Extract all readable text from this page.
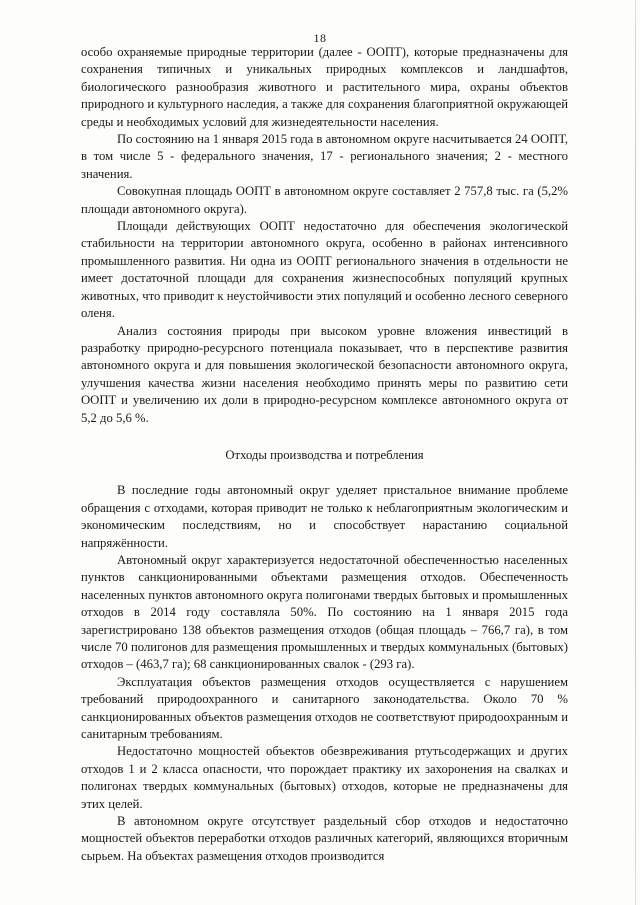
18

особо охраняемые природные территории (далее - ООПТ), которые предназначены для сохранения типичных и уникальных природных комплексов и ландшафтов, биологического разнообразия животного и растительного мира, охраны объектов природного и культурного наследия, а также для сохранения благоприятной окружающей среды и необходимых условий для жизнедеятельности населения.

По состоянию на 1 января 2015 года в автономном округе насчитывается 24 ООПТ, в том числе 5 - федерального значения, 17 - регионального значения; 2 - местного значения.

Совокупная площадь ООПТ в автономном округе составляет 2 757,8 тыс. га (5,2% площади автономного округа).

Площади действующих ООПТ недостаточно для обеспечения экологической стабильности на территории автономного округа, особенно в районах интенсивного промышленного развития. Ни одна из ООПТ регионального значения в отдельности не имеет достаточной площади для сохранения жизнеспособных популяций крупных животных, что приводит к неустойчивости этих популяций и особенно лесного северного оленя.

Анализ состояния природы при высоком уровне вложения инвестиций в разработку природно-ресурсного потенциала показывает, что в перспективе развития автономного округа и для повышения экологической безопасности автономного округа, улучшения качества жизни населения необходимо принять меры по развитию сети ООПТ и увеличению их доли в природно-ресурсном комплексе автономного округа от 5,2 до 5,6 %.

Отходы производства и потребления

В последние годы автономный округ уделяет пристальное внимание проблеме обращения с отходами, которая приводит не только к неблагоприятным экологическим и экономическим последствиям, но и способствует нарастанию социальной напряжённости.

Автономный округ характеризуется недостаточной обеспеченностью населенных пунктов санкционированными объектами размещения отходов. Обеспеченность населенных пунктов автономного округа полигонами твердых бытовых и промышленных отходов в 2014 году составляла 50%. По состоянию на 1 января 2015 года зарегистрировано 138 объектов размещения отходов (общая площадь – 766,7 га), в том числе 70 полигонов для размещения промышленных и твердых коммунальных (бытовых) отходов – (463,7 га); 68 санкционированных свалок - (293 га).

Эксплуатация объектов размещения отходов осуществляется с нарушением требований природоохранного и санитарного законодательства. Около 70 % санкционированных объектов размещения отходов не соответствуют природоохранным и санитарным требованиям.

Недостаточно мощностей объектов обезвреживания ртутьсодержащих и других отходов 1 и 2 класса опасности, что порождает практику их захоронения на свалках и полигонах твердых коммунальных (бытовых) отходов, которые не предназначены для этих целей.

В автономном округе отсутствует раздельный сбор отходов и недостаточно мощностей объектов переработки отходов различных категорий, являющихся вторичным сырьем. На объектах размещения отходов производится
